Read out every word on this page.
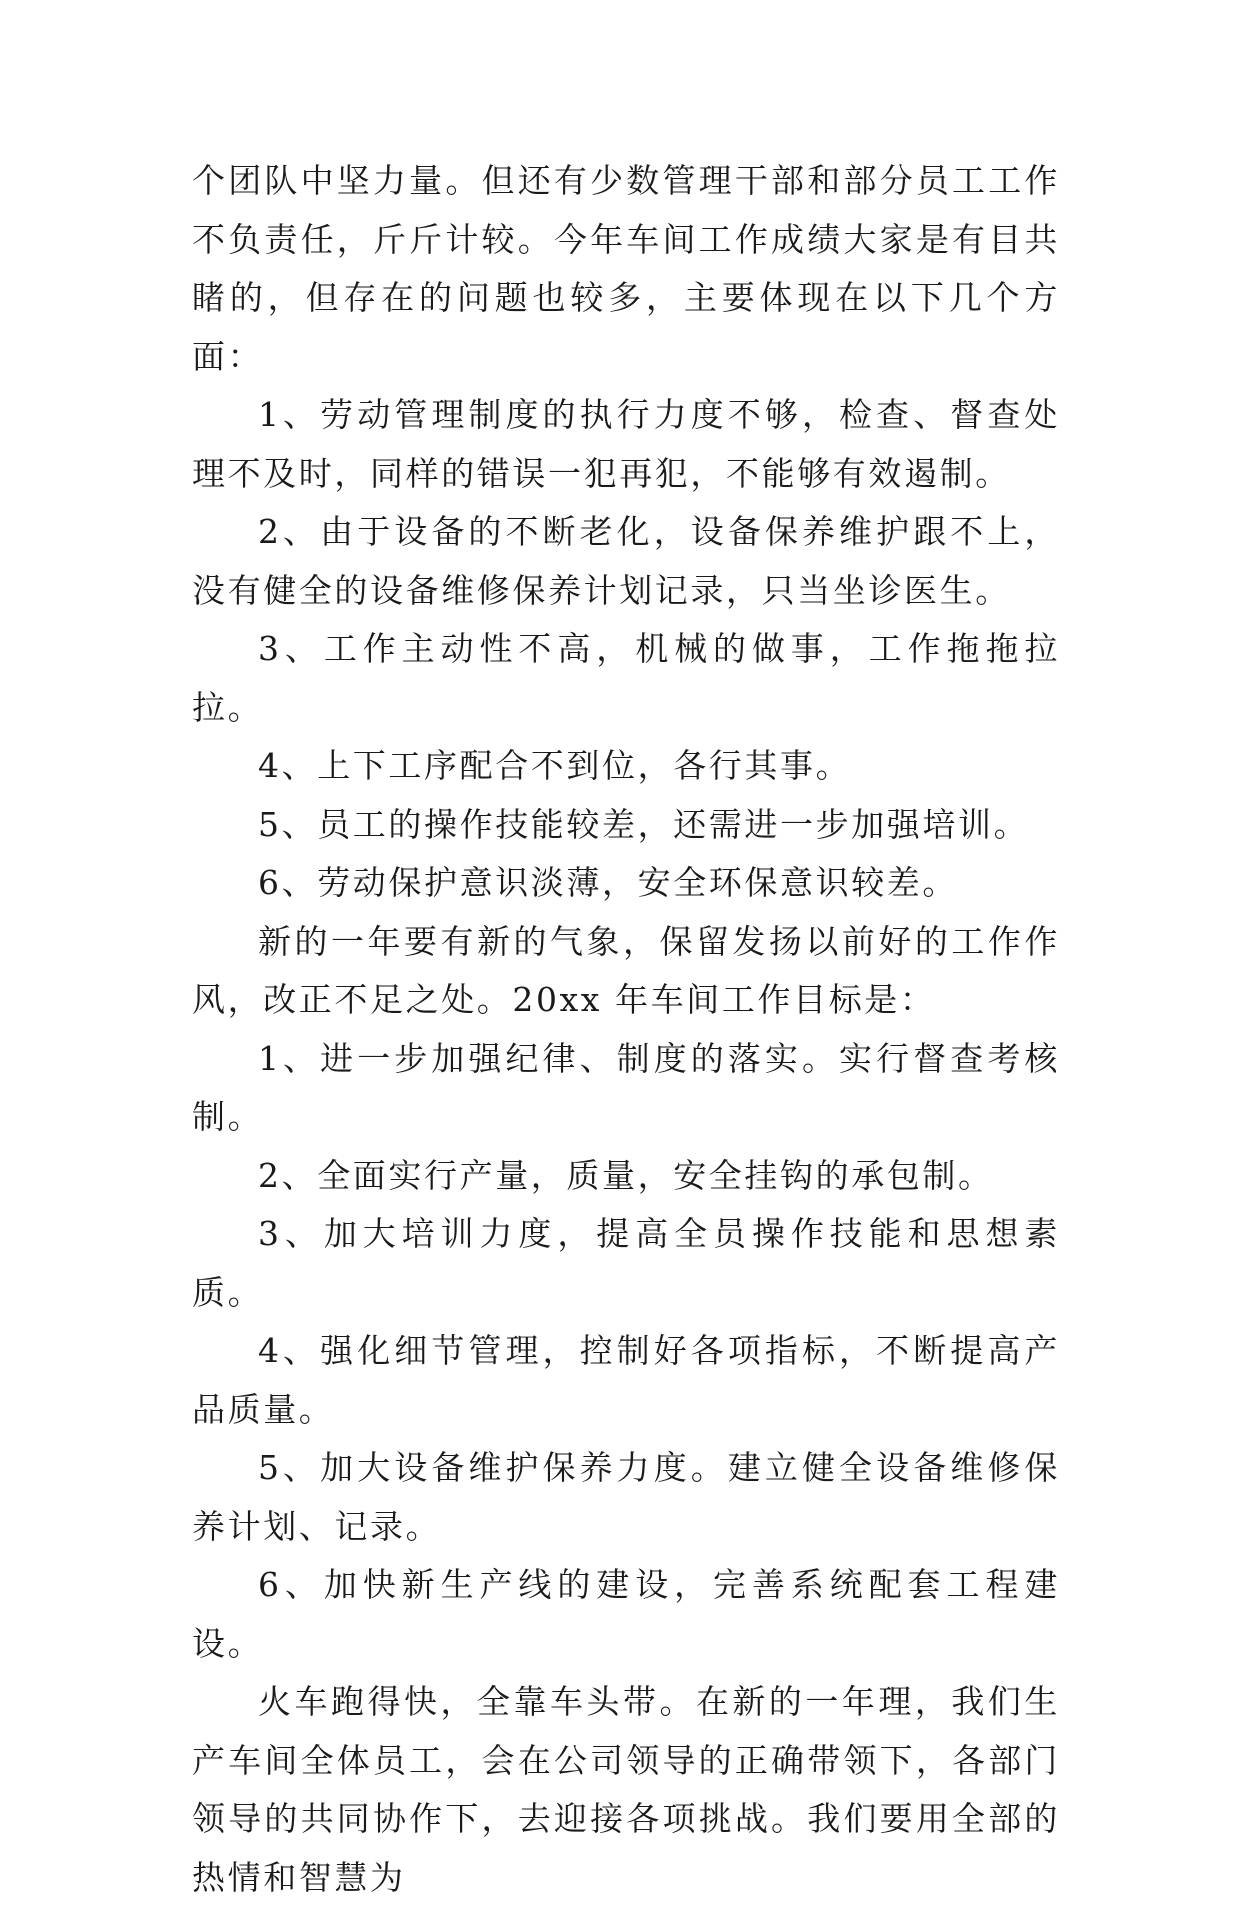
个团队中坚力量。但还有少数管理干部和部分员工工作不负责任，斤斤计较。今年车间工作成绩大家是有目共睹的，但存在的问题也较多，主要体现在以下几个方面：

1、劳动管理制度的执行力度不够，检查、督查处理不及时，同样的错误一犯再犯，不能够有效遏制。

2、由于设备的不断老化，设备保养维护跟不上，没有健全的设备维修保养计划记录，只当坐诊医生。

3、工作主动性不高，机械的做事，工作拖拖拉拉。

4、上下工序配合不到位，各行其事。

5、员工的操作技能较差，还需进一步加强培训。

6、劳动保护意识淡薄，安全环保意识较差。

新的一年要有新的气象，保留发扬以前好的工作作风，改正不足之处。20xx 年车间工作目标是：

1、进一步加强纪律、制度的落实。实行督查考核制。

2、全面实行产量，质量，安全挂钩的承包制。

3、加大培训力度，提高全员操作技能和思想素质。

4、强化细节管理，控制好各项指标，不断提高产品质量。

5、加大设备维护保养力度。建立健全设备维修保养计划、记录。

6、加快新生产线的建设，完善系统配套工程建设。

火车跑得快，全靠车头带。在新的一年理，我们生产车间全体员工，会在公司领导的正确带领下，各部门领导的共同协作下，去迎接各项挑战。我们要用全部的热情和智慧为
